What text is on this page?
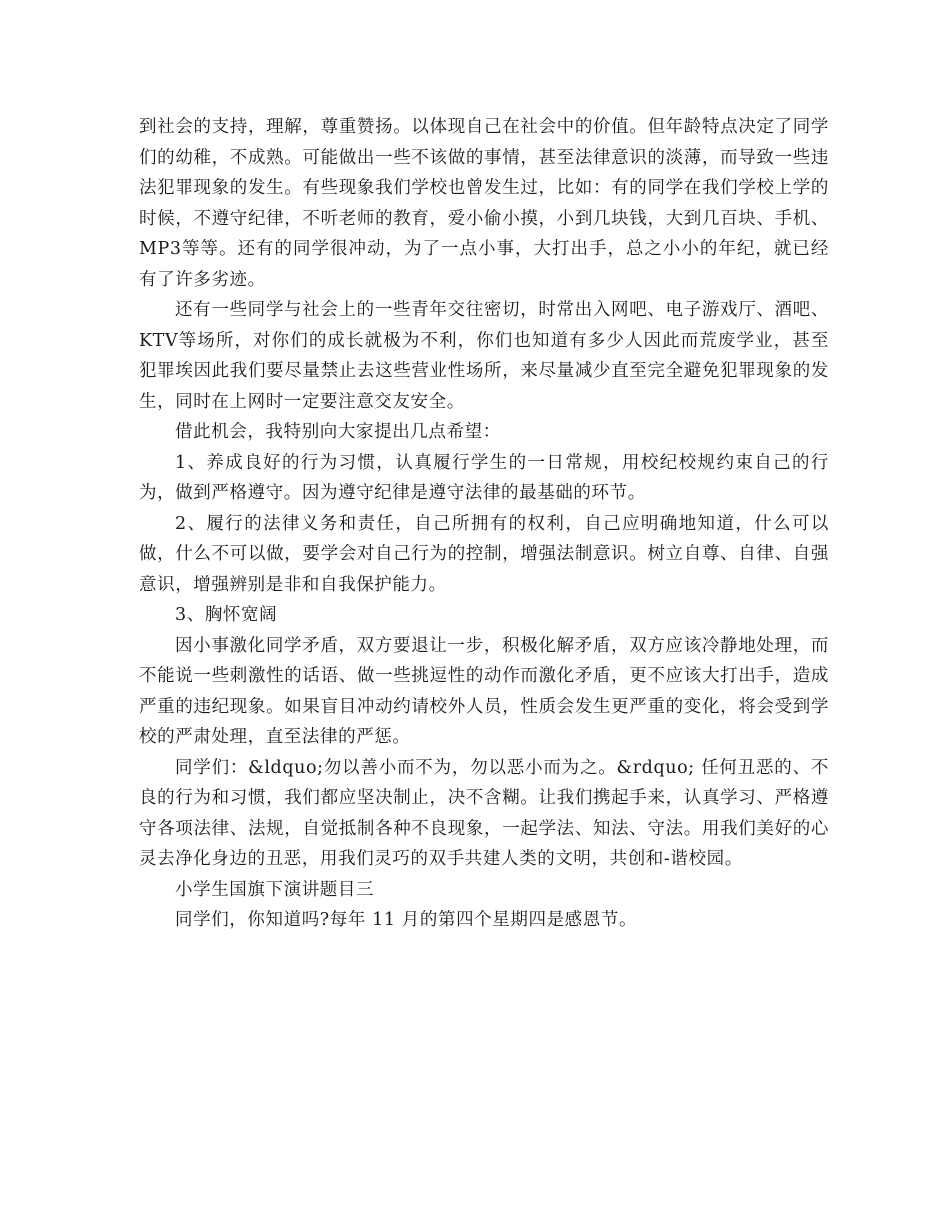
到社会的支持，理解，尊重赞扬。以体现自己在社会中的价值。但年龄特点决定了同学们的幼稚，不成熟。可能做出一些不该做的事情，甚至法律意识的淡薄，而导致一些违法犯罪现象的发生。有些现象我们学校也曾发生过，比如：有的同学在我们学校上学的时候，不遵守纪律，不听老师的教育，爱小偷小摸，小到几块钱，大到几百块、手机、MP3等等。还有的同学很冲动，为了一点小事，大打出手，总之小小的年纪，就已经有了许多劣迹。

还有一些同学与社会上的一些青年交往密切，时常出入网吧、电子游戏厅、酒吧、KTV等场所，对你们的成长就极为不利，你们也知道有多少人因此而荒废学业，甚至犯罪埃因此我们要尽量禁止去这些营业性场所，来尽量减少直至完全避免犯罪现象的发生，同时在上网时一定要注意交友安全。

借此机会，我特别向大家提出几点希望：

1、养成良好的行为习惯，认真履行学生的一日常规，用校纪校规约束自己的行为，做到严格遵守。因为遵守纪律是遵守法律的最基础的环节。

2、履行的法律义务和责任，自己所拥有的权利，自己应明确地知道，什么可以做，什么不可以做，要学会对自己行为的控制，增强法制意识。树立自尊、自律、自强意识，增强辨别是非和自我保护能力。

3、胸怀宽阔

因小事激化同学矛盾，双方要退让一步，积极化解矛盾，双方应该冷静地处理，而不能说一些刺激性的话语、做一些挑逗性的动作而激化矛盾，更不应该大打出手，造成严重的违纪现象。如果盲目冲动约请校外人员，性质会发生更严重的变化，将会受到学校的严肃处理，直至法律的严惩。

同学们：&ldquo;勿以善小而不为，勿以恶小而为之。&rdquo; 任何丑恶的、不良的行为和习惯，我们都应坚决制止，决不含糊。让我们携起手来，认真学习、严格遵守各项法律、法规，自觉抵制各种不良现象，一起学法、知法、守法。用我们美好的心灵去净化身边的丑恶，用我们灵巧的双手共建人类的文明，共创和-谐校园。

小学生国旗下演讲题目三

同学们，你知道吗?每年 11 月的第四个星期四是感恩节。
